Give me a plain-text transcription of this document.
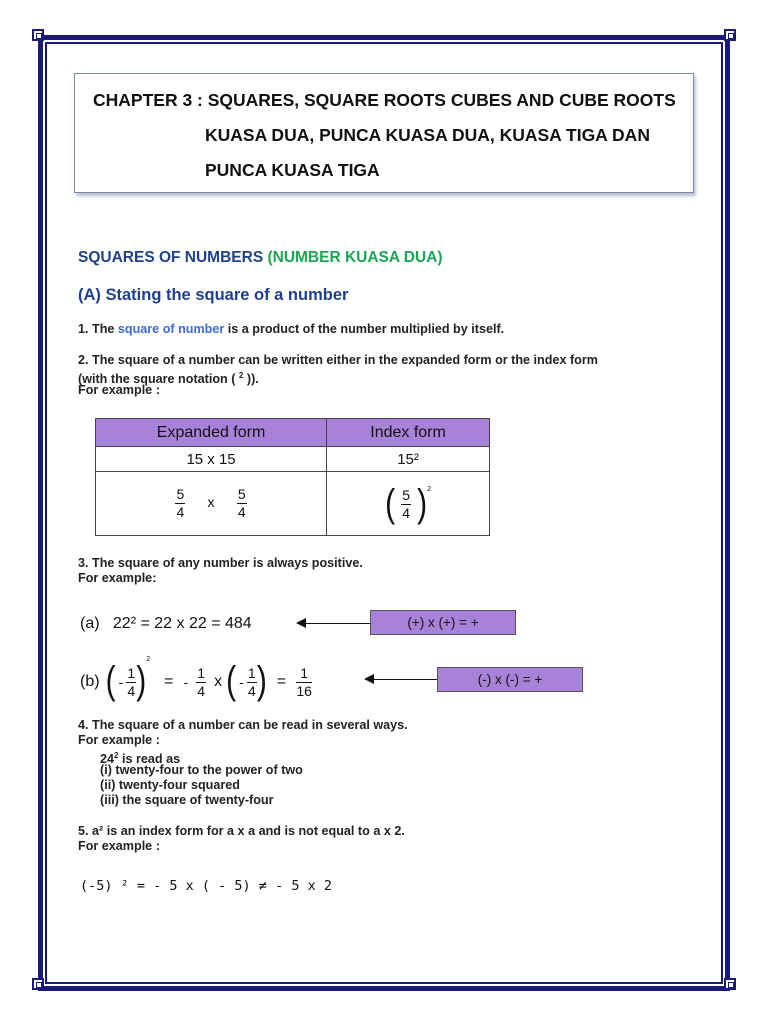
CHAPTER 3 : SQUARES, SQUARE ROOTS CUBES AND CUBE ROOTS
KUASA DUA, PUNCA KUASA DUA, KUASA TIGA DAN
PUNCA KUASA TIGA
SQUARES OF NUMBERS (NUMBER KUASA DUA)
(A) Stating the square of a number
1. The square of number is a product of the number multiplied by itself.
2. The square of a number can be written either in the expanded form or the index form
(with the square notation ( $^2$ )).
For example :
Expanded form	Index form
15 x 15	15²

$\frac{5}{4}$ x $\frac{5}{4}$	( $\frac{5}{4} )^2$
3. The square of any number is always positive.
For example:
(a) 22² = 22 x 22 = 484	(+) x (+) = +
(b) ( - $\frac{1}{4}$ )
$^2$
= - $\frac{1}{4}$ x ( - $\frac{1}{4}$ ) = $\frac{1}{16}$	(-) x (-) = +
4. The square of a number can be read in several ways.
For example :
$24^2$ is read as
(i) twenty-four to the power of two
(ii) twenty-four squared
(iii) the square of twenty-four
5. a² is an index form for a x a and is not equal to a x 2.
For example :
(-5) ² = - 5 x ( - 5) ≠ - 5 x 2
